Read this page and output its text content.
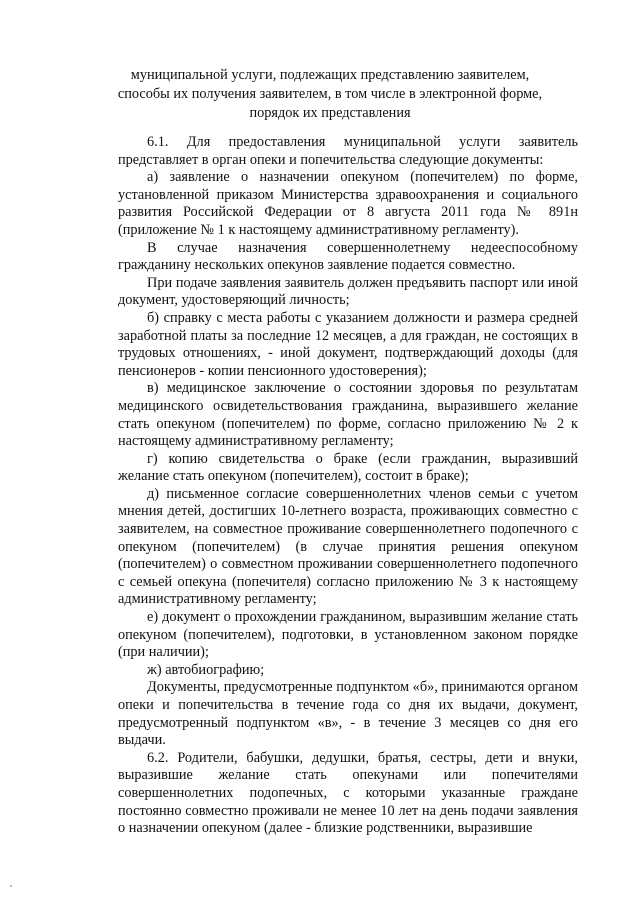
муниципальной услуги, подлежащих представлению заявителем,
способы их получения заявителем, в том числе в электронной форме,
порядок их представления

6.1. Для предоставления муниципальной услуги заявитель представляет в орган опеки и попечительства следующие документы:

а) заявление о назначении опекуном (попечителем) по форме, установленной приказом Министерства здравоохранения и социального развития Российской Федерации от 8 августа 2011 года № 891н (приложение № 1 к настоящему административному регламенту).

В случае назначения совершеннолетнему недееспособному гражданину нескольких опекунов заявление подается совместно.

При подаче заявления заявитель должен предъявить паспорт или иной документ, удостоверяющий личность;

б) справку с места работы с указанием должности и размера средней заработной платы за последние 12 месяцев, а для граждан, не состоящих в трудовых отношениях, - иной документ, подтверждающий доходы (для пенсионеров - копии пенсионного удостоверения);

в) медицинское заключение о состоянии здоровья по результатам медицинского освидетельствования гражданина, выразившего желание стать опекуном (попечителем) по форме, согласно приложению № 2 к настоящему административному регламенту;

г) копию свидетельства о браке (если гражданин, выразивший желание стать опекуном (попечителем), состоит в браке);

д) письменное согласие совершеннолетних членов семьи с учетом мнения детей, достигших 10-летнего возраста, проживающих совместно с заявителем, на совместное проживание совершеннолетнего подопечного с опекуном (попечителем) (в случае принятия решения опекуном (попечителем) о совместном проживании совершеннолетнего подопечного с семьей опекуна (попечителя) согласно приложению № 3 к настоящему административному регламенту;

е) документ о прохождении гражданином, выразившим желание стать опекуном (попечителем), подготовки, в установленном законом порядке (при наличии);

ж) автобиографию;

Документы, предусмотренные подпунктом «б», принимаются органом опеки и попечительства в течение года со дня их выдачи, документ, предусмотренный подпунктом «в», - в течение 3 месяцев со дня его выдачи.

6.2. Родители, бабушки, дедушки, братья, сестры, дети и внуки, выразившие желание стать опекунами или попечителями совершеннолетних подопечных, с которыми указанные граждане постоянно совместно проживали не менее 10 лет на день подачи заявления о назначении опекуном (далее - близкие родственники, выразившие
